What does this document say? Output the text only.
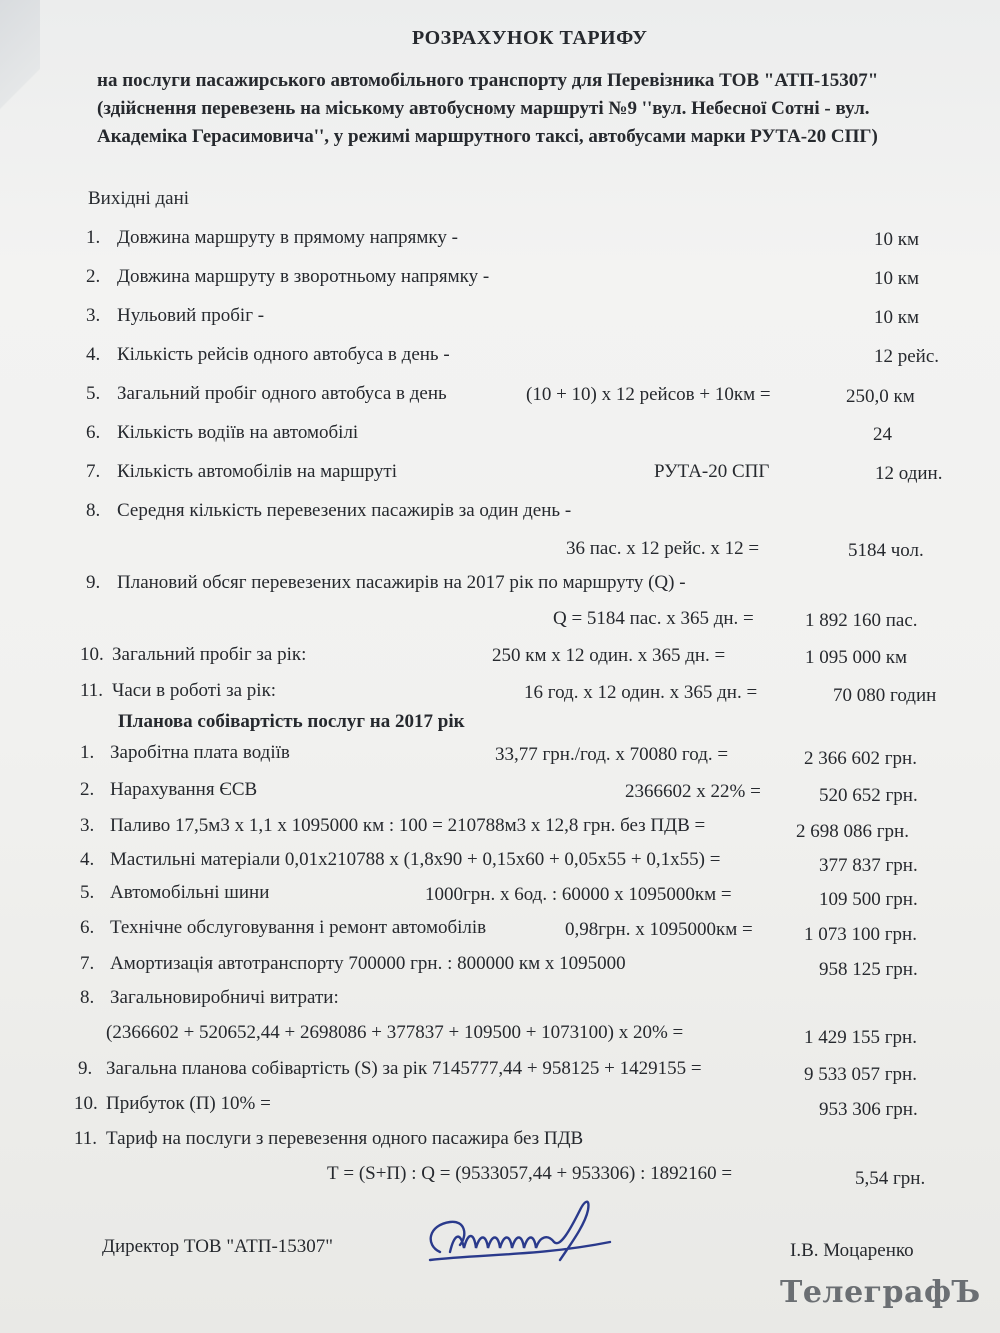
РОЗРАХУНОК ТАРИФУ
на послуги пасажирського автомобільного транспорту для Перевізника ТОВ "АТП-15307"
(здійснення перевезень на міському автобусному маршруті №9 ''вул. Небесної Сотні - вул.
Академіка Герасимовича'', у режимі маршрутного таксі, автобусами марки РУТА-20 СПГ)
Вихідні дані
1. Довжина маршруту в прямому напрямку -	10 км
2. Довжина маршруту в зворотньому напрямку -	10 км
3. Нульовий пробіг -	10 км
4. Кількість рейсів одного автобуса в день -	12 рейс.
5. Загальний пробіг одного автобуса в день	(10 + 10) х 12 рейсов + 10км =	250,0 км
6. Кількість водіїв на автомобілі	24
7. Кількість автомобілів на маршруті	РУТА-20 СПГ	12 один.
8. Середня кількість перевезених пасажирів за один день -
36 пас. х 12 рейс. х 12 =	5184 чол.
9. Плановий обсяг перевезених пасажирів на 2017 рік по маршруту (Q) -
Q = 5184 пас. х 365 дн. =	1 892 160 пас.
10. Загальний пробіг за рік:	250 км х 12 один. х 365 дн. =	1 095 000 км
11. Часи в роботі за рік:	16 год. х 12 один. х 365 дн. =	70 080 годин
Планова собівартість послуг на 2017 рік
1. Заробітна плата водіїв	33,77 грн./год. х 70080 год. =	2 366 602 грн.
2. Нарахування ЄСВ	2366602 х 22% =	520 652 грн.
3. Паливо 17,5м3 х 1,1 х 1095000 км : 100 = 210788м3 х 12,8 грн. без ПДВ =	2 698 086 грн.
4. Мастильні матеріали 0,01х210788 х (1,8х90 + 0,15х60 + 0,05х55 + 0,1х55) =	377 837 грн.
5. Автомобільні шини	1000грн. х 6од. : 60000 х 1095000км =	109 500 грн.
6. Технічне обслуговування і ремонт автомобілів	0,98грн. х 1095000км =	1 073 100 грн.
7. Амортизація автотранспорту 700000 грн. : 800000 км х 1095000	958 125 грн.
8. Загальновиробничі витрати:
(2366602 + 520652,44 + 2698086 + 377837 + 109500 + 1073100) х 20% =	1 429 155 грн.
9. Загальна планова собівартість (S) за рік 7145777,44 + 958125 + 1429155 =	9 533 057 грн.
10. Прибуток (П) 10% =	953 306 грн.
11. Тариф на послуги з перевезення одного пасажира без ПДВ
Т = (S+П) : Q = (9533057,44 + 953306) : 1892160 =	5,54 грн.
Директор ТОВ "АТП-15307"	І.В. Моцаренко
ТелеграфЪ
